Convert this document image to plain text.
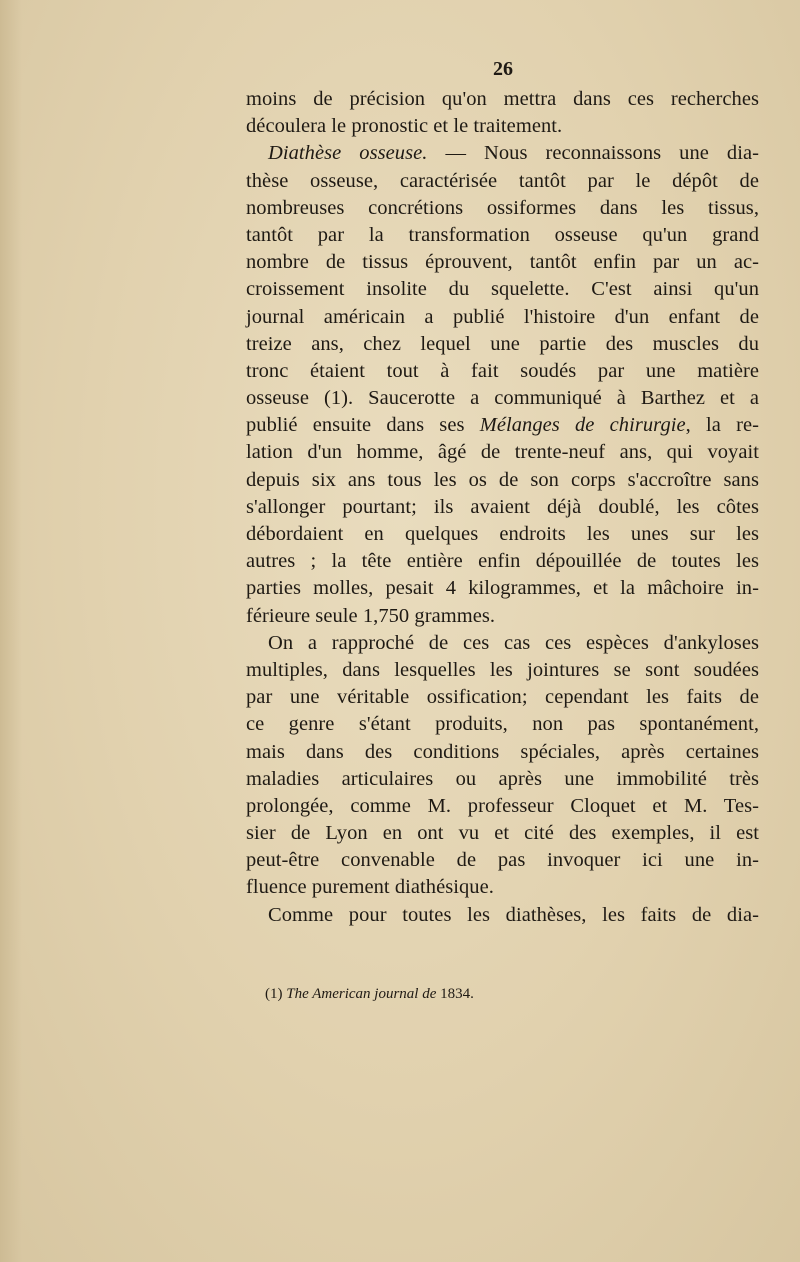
26
moins de précision qu'on mettra dans ces recherches
découlera le pronostic et le traitement.
Diathèse osseuse. — Nous reconnaissons une dia-
thèse osseuse, caractérisée tantôt par le dépôt de
nombreuses concrétions ossiformes dans les tissus,
tantôt par la transformation osseuse qu'un grand
nombre de tissus éprouvent, tantôt enfin par un ac-
croissement insolite du squelette. C'est ainsi qu'un
journal américain a publié l'histoire d'un enfant de
treize ans, chez lequel une partie des muscles du
tronc étaient tout à fait soudés par une matière
osseuse (1). Saucerotte a communiqué à Barthez et a
publié ensuite dans ses Mélanges de chirurgie, la re-
lation d'un homme, âgé de trente-neuf ans, qui voyait
depuis six ans tous les os de son corps s'accroître sans
s'allonger pourtant; ils avaient déjà doublé, les côtes
débordaient en quelques endroits les unes sur les
autres ; la tête entière enfin dépouillée de toutes les
parties molles, pesait 4 kilogrammes, et la mâchoire in-
férieure seule 1,750 grammes.
On a rapproché de ces cas ces espèces d'ankyloses
multiples, dans lesquelles les jointures se sont soudées
par une véritable ossification; cependant les faits de
ce genre s'étant produits, non pas spontanément,
mais dans des conditions spéciales, après certaines
maladies articulaires ou après une immobilité très
prolongée, comme M. professeur Cloquet et M. Tes-
sier de Lyon en ont vu et cité des exemples, il est
peut-être convenable de pas invoquer ici une in-
fluence purement diathésique.
Comme pour toutes les diathèses, les faits de dia-
(1) The American journal de 1834.
